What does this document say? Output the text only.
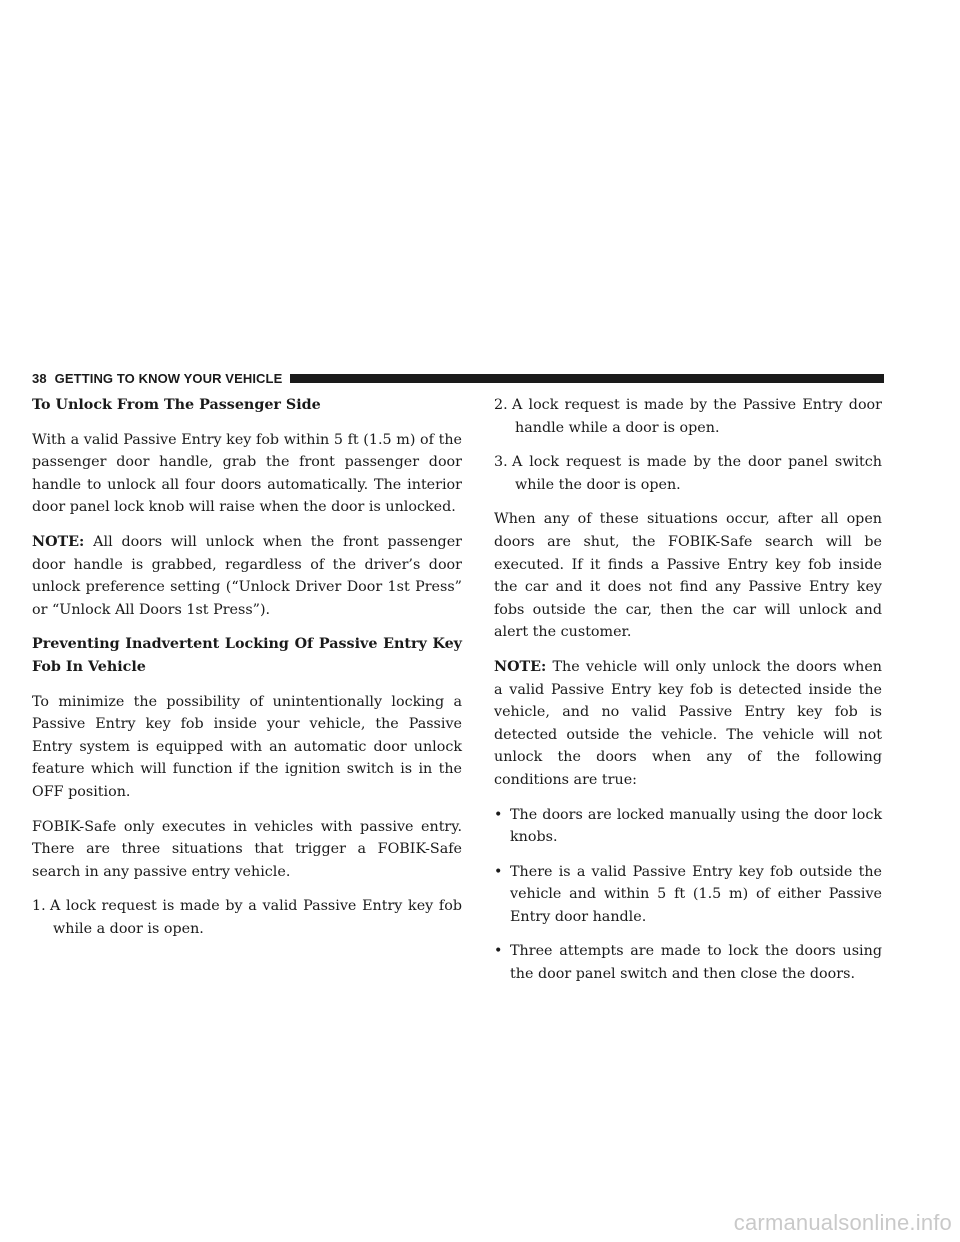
38 GETTING TO KNOW YOUR VEHICLE

To Unlock From The Passenger Side

With a valid Passive Entry key fob within 5 ft (1.5 m) of the passenger door handle, grab the front passenger door handle to unlock all four doors automatically. The interior door panel lock knob will raise when the door is unlocked.

NOTE: All doors will unlock when the front passenger door handle is grabbed, regardless of the driver’s door unlock preference setting (“Unlock Driver Door 1st Press” or “Unlock All Doors 1st Press”).

Preventing Inadvertent Locking Of Passive Entry Key Fob In Vehicle

To minimize the possibility of unintentionally locking a Passive Entry key fob inside your vehicle, the Passive Entry system is equipped with an automatic door unlock feature which will function if the ignition switch is in the OFF position.

FOBIK-Safe only executes in vehicles with passive entry. There are three situations that trigger a FOBIK-Safe search in any passive entry vehicle.

1. A lock request is made by a valid Passive Entry key fob while a door is open.

2. A lock request is made by the Passive Entry door handle while a door is open.

3. A lock request is made by the door panel switch while the door is open.

When any of these situations occur, after all open doors are shut, the FOBIK-Safe search will be executed. If it finds a Passive Entry key fob inside the car and it does not find any Passive Entry key fobs outside the car, then the car will unlock and alert the customer.

NOTE: The vehicle will only unlock the doors when a valid Passive Entry key fob is detected inside the vehicle, and no valid Passive Entry key fob is detected outside the vehicle. The vehicle will not unlock the doors when any of the following conditions are true:

• The doors are locked manually using the door lock knobs.
• There is a valid Passive Entry key fob outside the vehicle and within 5 ft (1.5 m) of either Passive Entry door handle.
• Three attempts are made to lock the doors using the door panel switch and then close the doors.
carmanualsonline.info
